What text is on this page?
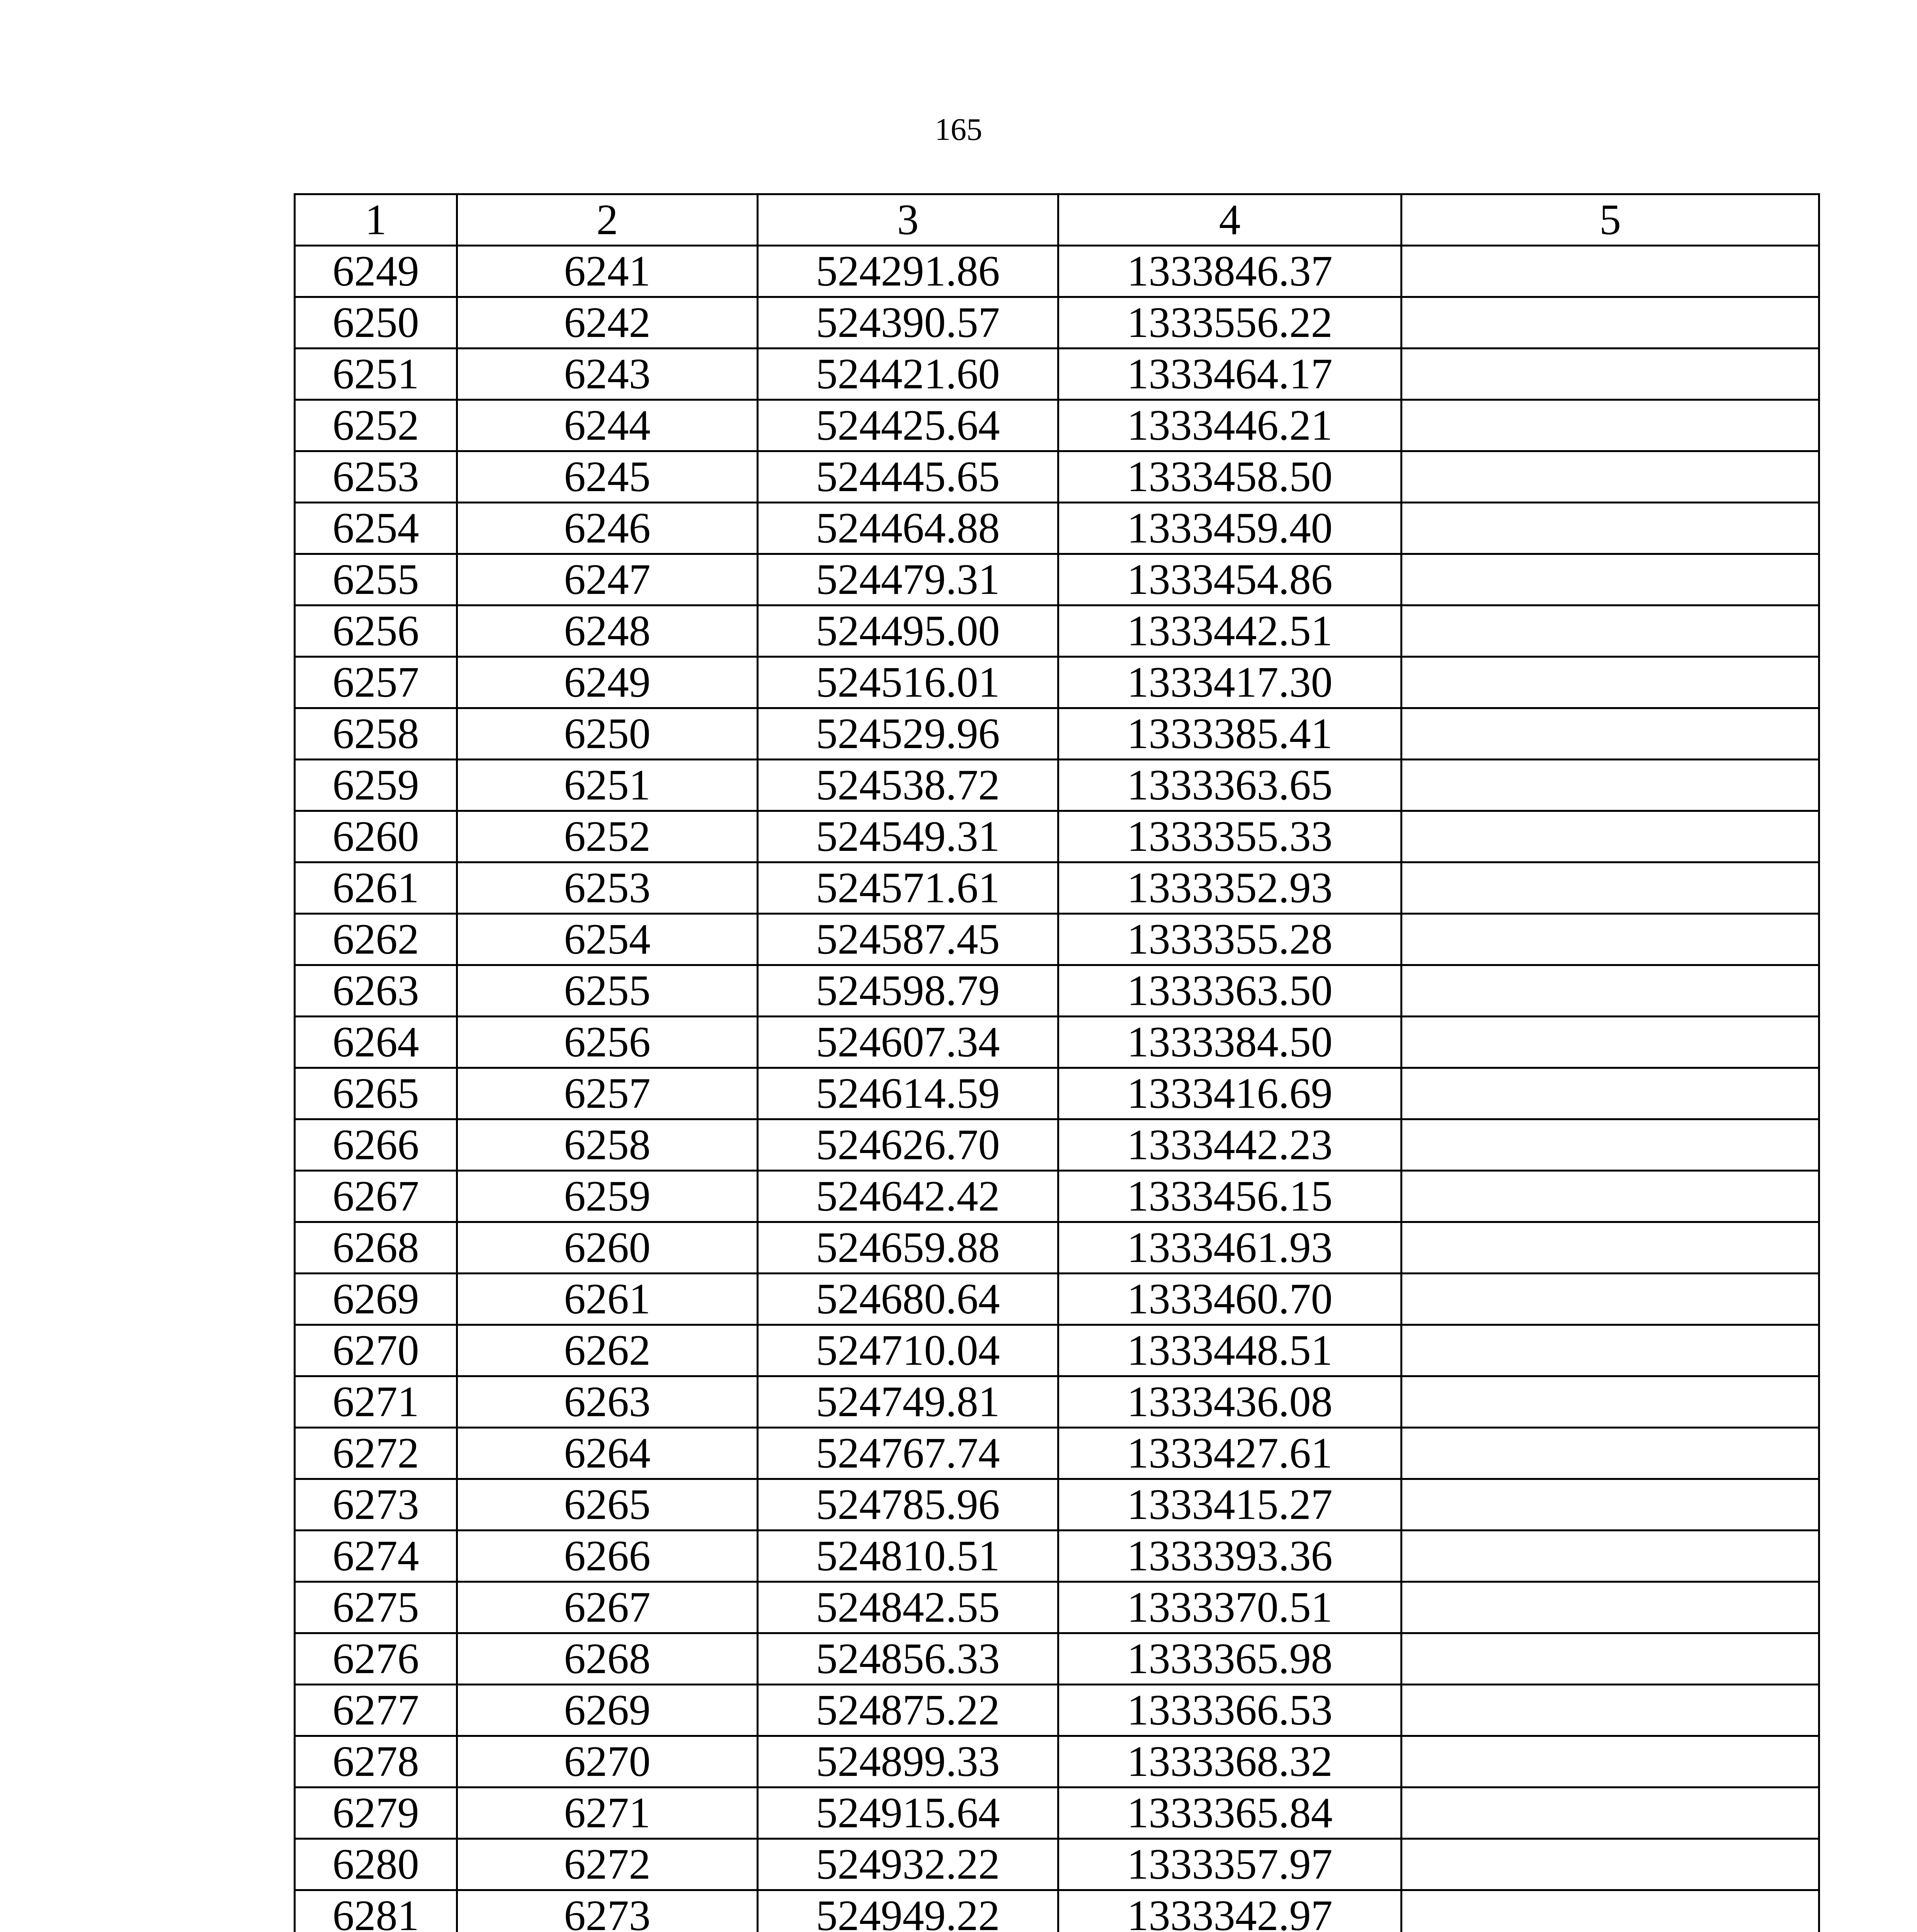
165
1	2	3	4	5
6249	6241	524291.86	1333846.37	
6250	6242	524390.57	1333556.22	
6251	6243	524421.60	1333464.17	
6252	6244	524425.64	1333446.21	
6253	6245	524445.65	1333458.50	
6254	6246	524464.88	1333459.40	
6255	6247	524479.31	1333454.86	
6256	6248	524495.00	1333442.51	
6257	6249	524516.01	1333417.30	
6258	6250	524529.96	1333385.41	
6259	6251	524538.72	1333363.65	
6260	6252	524549.31	1333355.33	
6261	6253	524571.61	1333352.93	
6262	6254	524587.45	1333355.28	
6263	6255	524598.79	1333363.50	
6264	6256	524607.34	1333384.50	
6265	6257	524614.59	1333416.69	
6266	6258	524626.70	1333442.23	
6267	6259	524642.42	1333456.15	
6268	6260	524659.88	1333461.93	
6269	6261	524680.64	1333460.70	
6270	6262	524710.04	1333448.51	
6271	6263	524749.81	1333436.08	
6272	6264	524767.74	1333427.61	
6273	6265	524785.96	1333415.27	
6274	6266	524810.51	1333393.36	
6275	6267	524842.55	1333370.51	
6276	6268	524856.33	1333365.98	
6277	6269	524875.22	1333366.53	
6278	6270	524899.33	1333368.32	
6279	6271	524915.64	1333365.84	
6280	6272	524932.22	1333357.97	
6281	6273	524949.22	1333342.97	
